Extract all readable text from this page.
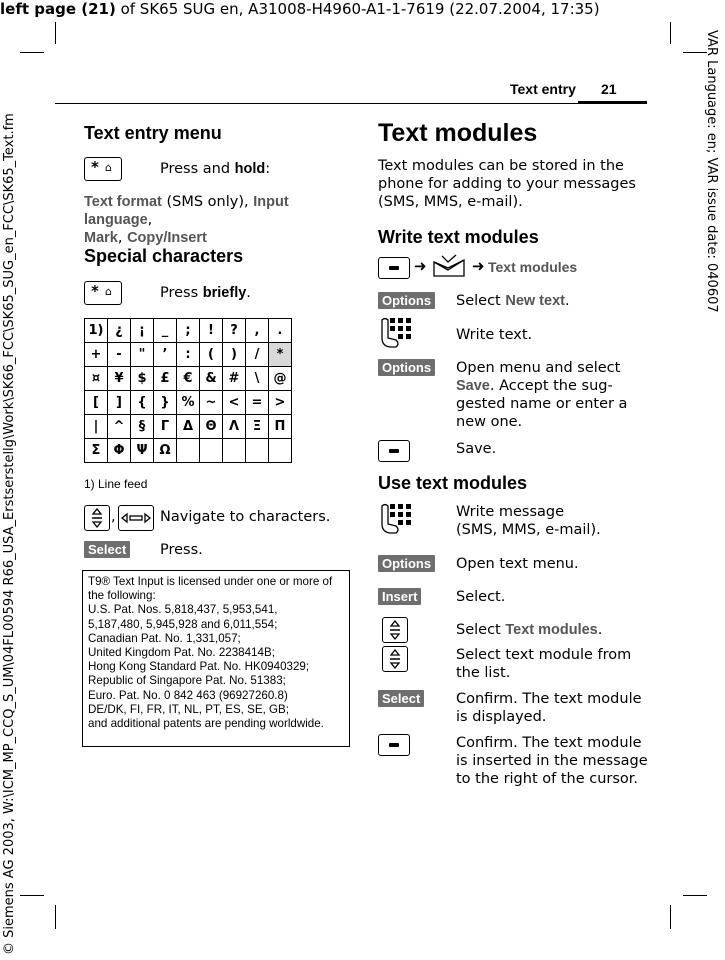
left page (21) of SK65 SUG en, A31008-H4960-A1-1-7619 (22.07.2004, 17:35)
VAR Language: en; VAR issue date: 040607
© Siemens AG 2003, W:\ICM_MP_CCQ_S_UM\04FL00594 R66_USA_Erstserstellg\Work\SK66_FCC\SK65_SUG_en_FCC\SK65_Text.fm
Text entry 21
Text entry menu
* ⌂	Press and hold:
Text format (SMS only), Input language,
Mark, Copy/Insert
Special characters
* ⌂	Press briefly.
1)	¿	¡	_	;	!	?	,	.
+	-	"	’	:	(	)	/	*
¤	¥	$	£	€	&	#	\	@
[	]	{	}	%	~	<	=	>
|	^	§	Γ	Δ	Θ	Λ	Ξ	Π
Σ	Φ	Ψ	Ω					
1) Line feed
,	Navigate to characters.
Select Press.
T9® Text Input is licensed under one or more of
the following:
U.S. Pat. Nos. 5,818,437, 5,953,541,
5,187,480, 5,945,928 and 6,011,554;
Canadian Pat. No. 1,331,057;
United Kingdom Pat. No. 2238414B;
Hong Kong Standard Pat. No. HK0940329;
Republic of Singapore Pat. No. 51383;
Euro. Pat. No. 0 842 463 (96927260.8)
DE/DK, FI, FR, IT, NL, PT, ES, SE, GB;
and additional patents are pending worldwide.
Text modules
Text modules can be stored in the
phone for adding to your messages
(SMS, MMS, e-mail).
Write text modules
➜	➜ Text modules
Options Select New text.
Write text.
Options Open menu and select
Save. Accept the sug-
gested name or enter a
new one.
Save.
Use text modules
Write message
(SMS, MMS, e-mail).
Options Open text menu.
Insert	Select.
Select Text modules.
Select text module from
the list.
Select Confirm. The text module
is displayed.
Confirm. The text module
is inserted in the message
to the right of the cursor.
